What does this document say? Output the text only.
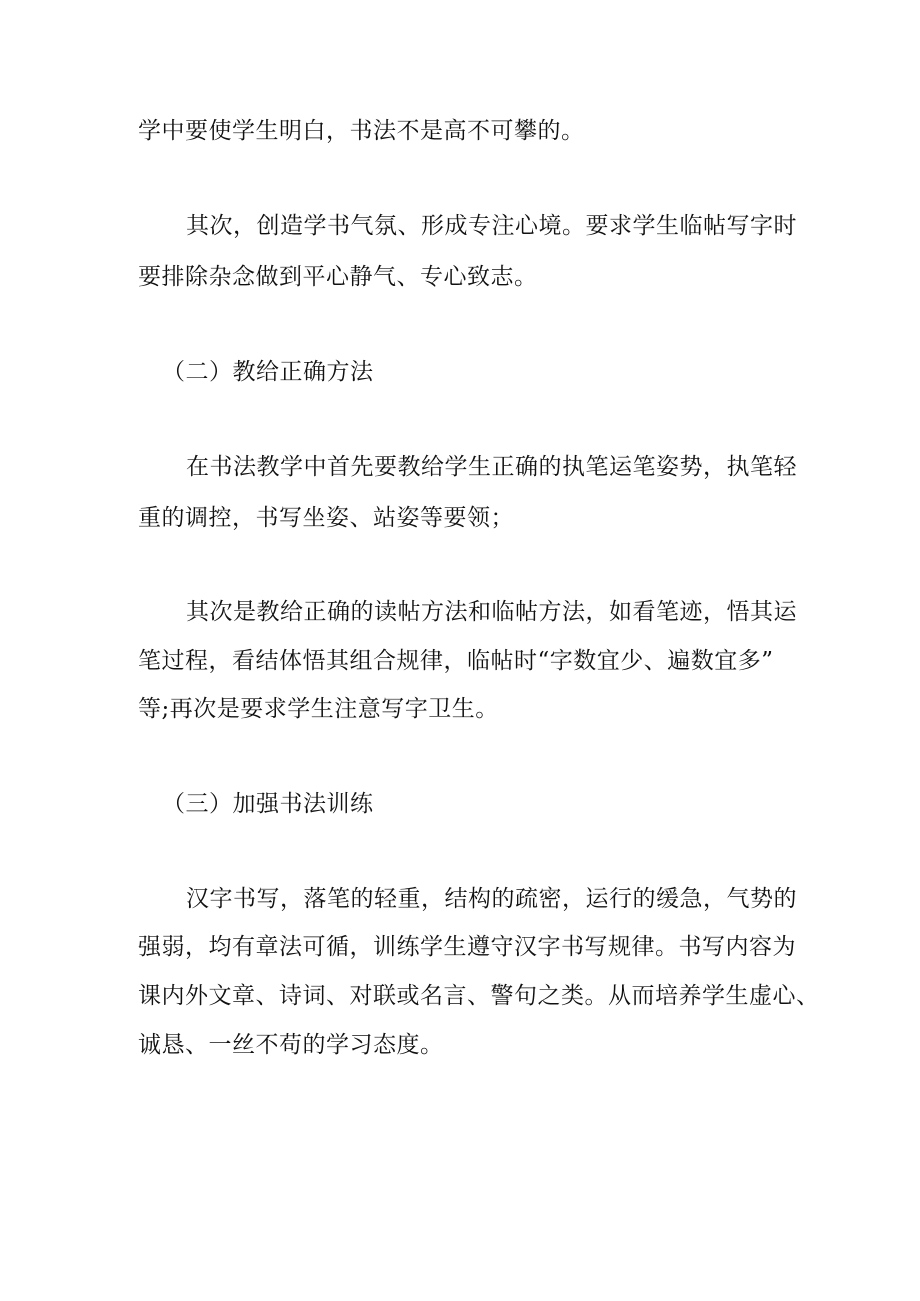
学中要使学生明白，书法不是高不可攀的。

其次，创造学书气氛、形成专注心境。要求学生临帖写字时

要排除杂念做到平心静气、专心致志。

（二）教给正确方法

在书法教学中首先要教给学生正确的执笔运笔姿势，执笔轻

重的调控，书写坐姿、站姿等要领；

其次是教给正确的读帖方法和临帖方法，如看笔迹，悟其运

笔过程，看结体悟其组合规律，临帖时“字数宜少、遍数宜多”

等;再次是要求学生注意写字卫生。

（三）加强书法训练

汉字书写，落笔的轻重，结构的疏密，运行的缓急，气势的

强弱，均有章法可循，训练学生遵守汉字书写规律。书写内容为

课内外文章、诗词、对联或名言、警句之类。从而培养学生虚心、

诚恳、一丝不苟的学习态度。
